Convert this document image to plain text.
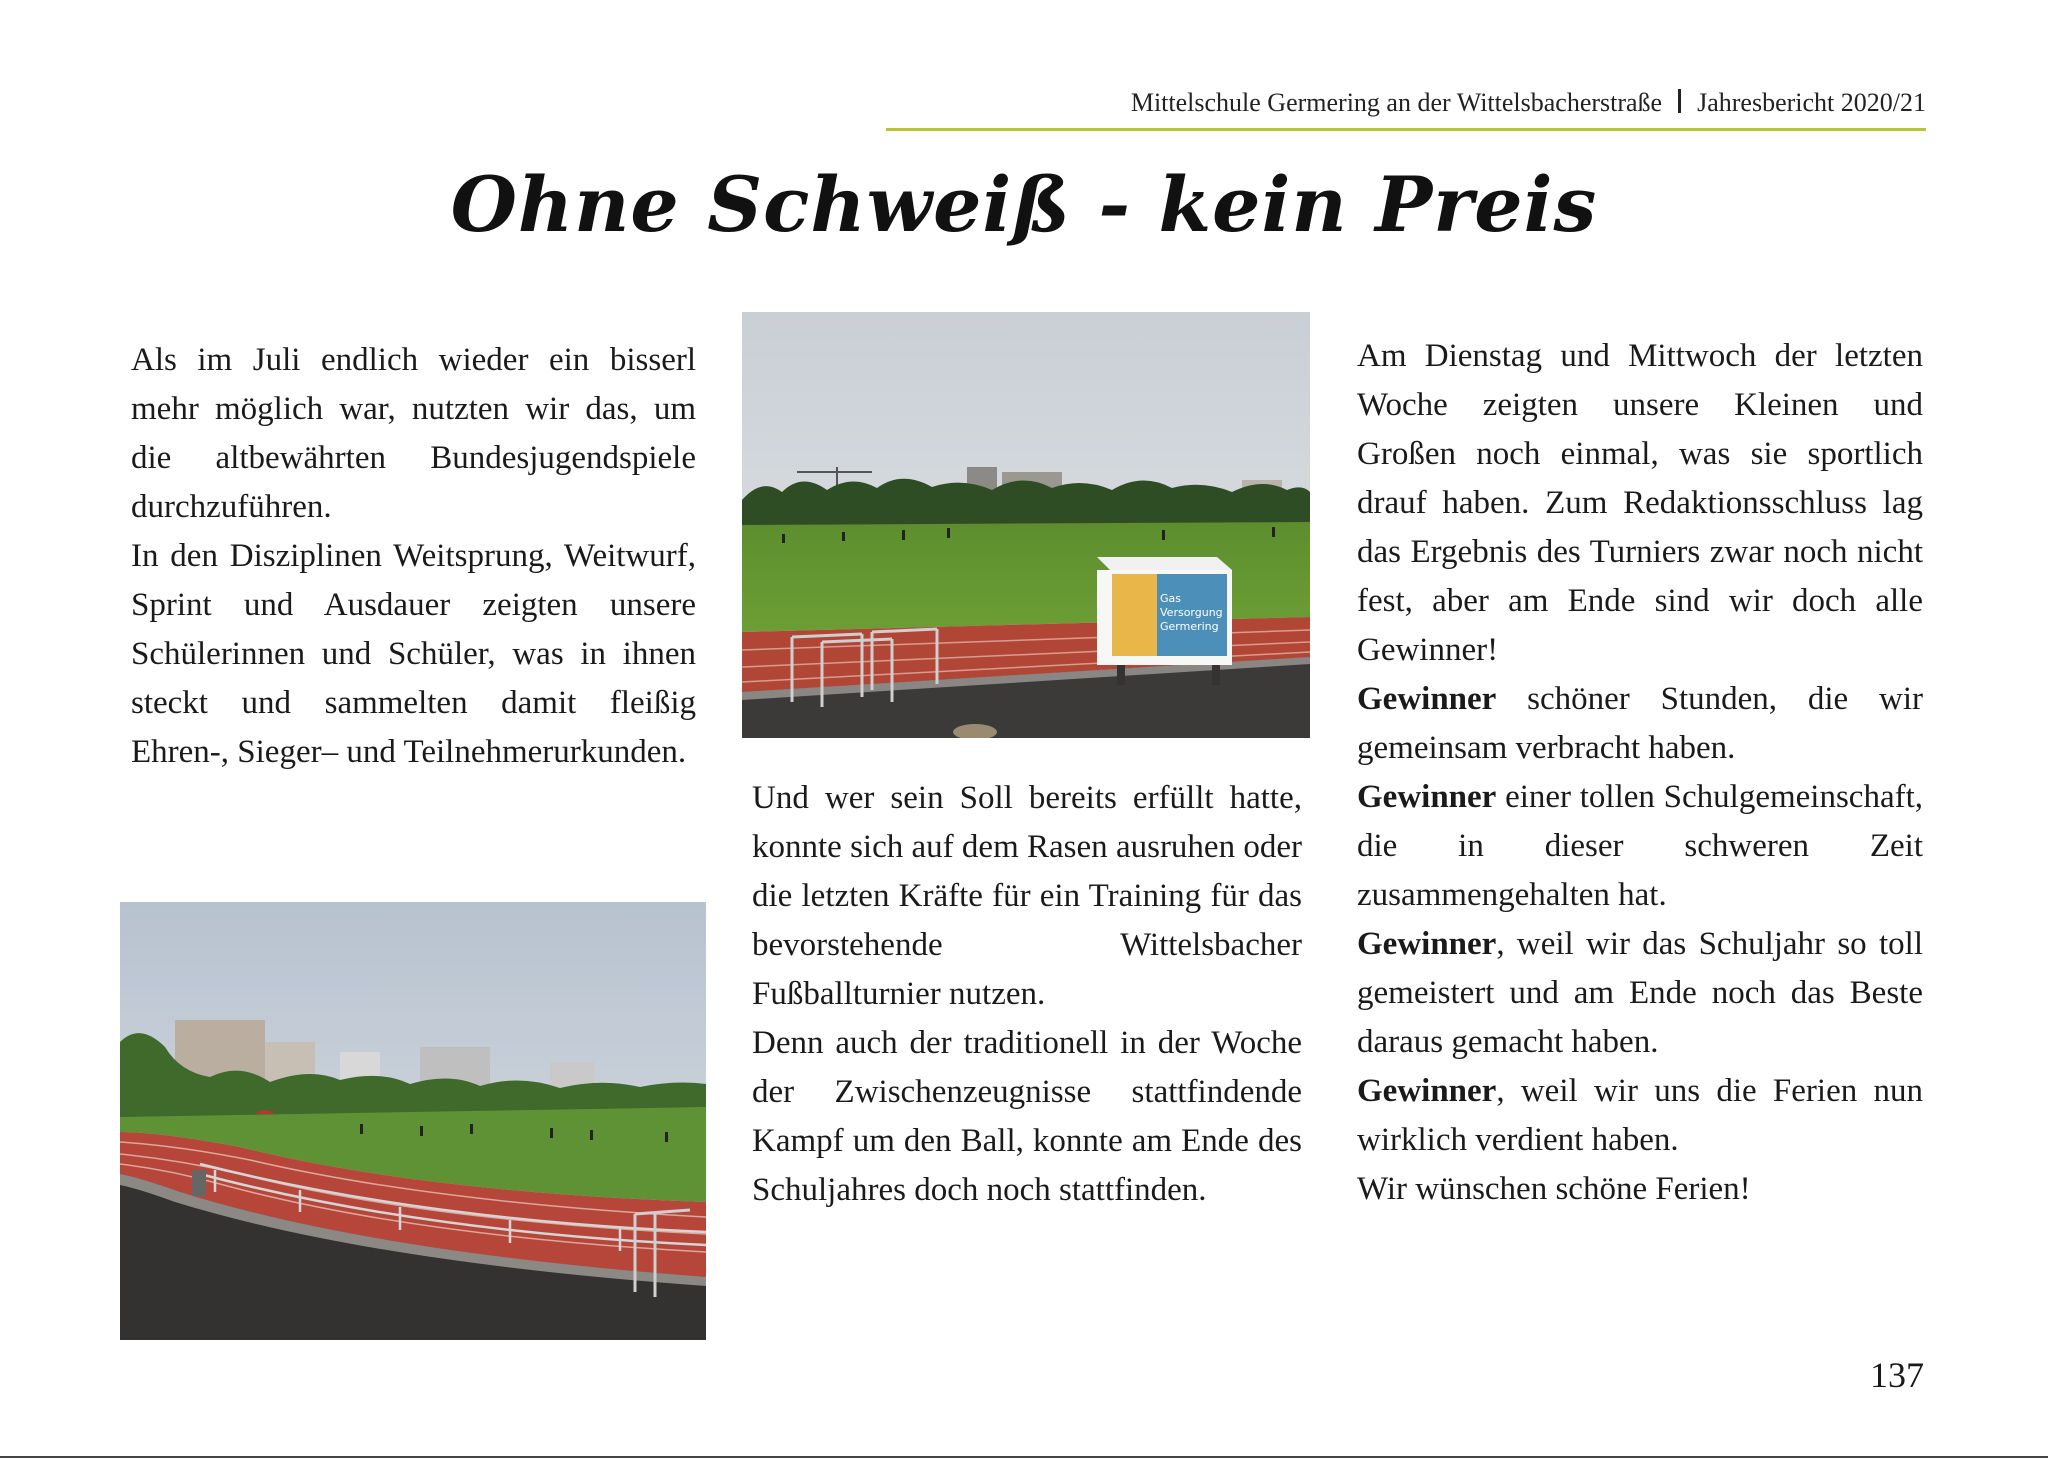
Mittelschule Germering an der Wittelsbacherstraße Jahresbericht 2020/21
Ohne Schweiß - kein Preis

Als im Juli endlich wieder ein bisserl mehr möglich war, nutzten wir das, um die altbewährten Bundesjugendspiele durchzuführen.

In den Disziplinen Weitsprung, Weitwurf, Sprint und Ausdauer zeigten unsere Schülerinnen und Schüler, was in ihnen steckt und sammelten damit fleißig Ehren-, Sieger– und Teilnehmerurkunden.

Gas
Versorgung
Germering

Und wer sein Soll bereits erfüllt hatte, konnte sich auf dem Rasen ausruhen oder die letzten Kräfte für ein Training für das bevorstehende Wittelsbacher Fußballturnier nutzen.

Denn auch der traditionell in der Woche der Zwischenzeugnisse stattfindende Kampf um den Ball, konnte am Ende des Schuljahres doch noch stattfinden.

Am Dienstag und Mittwoch der letzten Woche zeigten unsere Kleinen und Großen noch einmal, was sie sportlich drauf haben. Zum Redaktionsschluss lag das Ergebnis des Turniers zwar noch nicht fest, aber am Ende sind wir doch alle Gewinner!

Gewinner schöner Stunden, die wir gemeinsam verbracht haben.

Gewinner einer tollen Schulgemeinschaft, die in dieser schweren Zeit zusammengehalten hat.

Gewinner, weil wir das Schuljahr so toll gemeistert und am Ende noch das Beste daraus gemacht haben.

Gewinner, weil wir uns die Ferien nun wirklich verdient haben.

Wir wünschen schöne Ferien!

137
